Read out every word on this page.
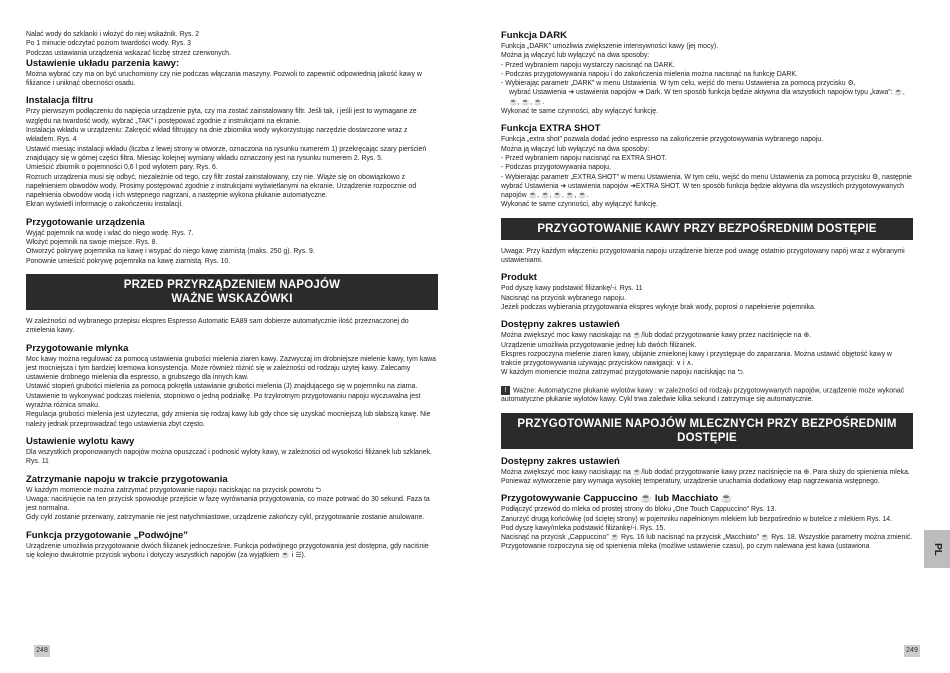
Nalać wody do szklanki i włożyć do niej wskaźnik. Rys. 2

Po 1 minucie odczytać poziom twardości wody. Rys. 3

Podczas ustawiania urządzenia wskazać liczbę strzeż czerwonych.

Ustawienie układu parzenia kawy:

Można wybrać czy ma on być uruchomiony czy nie podczas włączania maszyny. Pozwoli to zapewnić odpowiednią jakość kawy w filiżance i uniknąć obecności osadu.

Instalacja filtru

Przy pierwszym podłączeniu do napięcia urządzenie pyta, czy ma zostać zainstalowany filtr. Jeśli tak, i jeśli jest to wymagane ze względu na twardość wody, wybrać „TAK” i postępować zgodnie z instrukcjami na ekranie.

Instalacja wkładu w urządzeniu: Zakręcić wkład filtrujący na dnie zbiornika wody wykorzystując narzędzie dostarczone wraz z wkładem. Rys. 4

Ustawić miesiąc instalacji wkładu (liczba z lewej strony w otworze, oznaczona na rysunku numerem 1) przekręcając szary pierścień znajdujący się w górnej części filtra. Miesiąc kolejnej wymiany wkładu oznaczony jest na rysunku numerem 2. Rys. 5.

Umieścić zbiornik o pojemności 0,6 l pod wylotem pary. Rys. 6.

Rozruch urządzenia musi się odbyć, niezależnie od tego, czy filtr został zainstalowany, czy nie. Wiąże się on obowiązkowo z napełnieniem obwodów wody. Prosimy postępować zgodnie z instrukcjami wyświetlanymi na ekranie. Urządzenie rozpocznie od napełnienia obwodów wodą i ich wstępnego nagrzani, a następnie wykona płukanie automatyczne.

Ekran wyświetli informację o zakończeniu instalacji.

Przygotowanie urządzenia

Wyjąć pojemnik na wodę i wlać do niego wodę. Rys. 7.

Włożyć pojemnik na swoje miejsce. Rys. 8.

Otworzyć pokrywę pojemnika na kawę i wsypać do niego kawę ziarnistą (maks. 250 g). Rys. 9.

Ponownie umieścić pokrywę pojemnika na kawę ziarnistą. Rys. 10.

PRZED PRZYRZĄDZENIEM NAPOJÓW
WAŻNE WSKAZÓWKI

W zależności od wybranego przepisu ekspres Espresso Automatic EA89 sam dobierze automatycznie ilość przeznaczonej do zmielenia kawy.

Przygotowanie młynka

Moc kawy można regulować za pomocą ustawienia grubości mielenia ziaren kawy. Zazwyczaj im drobniejsze mielenie kawy, tym kawa jest mocniejsza i tym bardziej kremowa konsystencja. Może również różnić się w zależności od rodzaju użytej kawy. Zalecamy ustawienie drobnego mielenia dla espresso, a grubszego dla innych kaw.

Ustawić stopień grubości mielenia za pomocą pokrętła ustawianie grubości mielenia (J) znajdującego się w pojemniku na ziarna. Ustawienie to wykonywać podczas mielenia, stopniowo o jedną podziałkę. Po trzykrotnym przygotowaniu napoju wyczuwalna jest wyraźna różnica smaku.

Regulacja grubości mielenia jest użyteczna, gdy zmienia się rodzaj kawy lub gdy chce się uzyskać mocniejszą lub słabszą kawę. Nie należy jednak przeprowadzać tego ustawienia zbyt często.

Ustawienie wylotu kawy

Dla wszystkich proponowanych napojów można opuszczać i podnosić wyloty kawy, w zależności od wysokości filiżanek lub szklanek. Rys. 11

Zatrzymanie napoju w trakcie przygotowania

W każdym momencie można zatrzymać przygotowanie napoju naciskając na przycisk powrotu ⮌

Uwaga: naciśnięcie na ten przycisk spowoduje przejście w fazę wyrównania przygotowania, co może potrwać do 30 sekund. Faza ta jest normalna.

Gdy cykl zostanie przerwany, zatrzymanie nie jest natychmiastowe, urządzenie zakończy cykl, przygotowanie zostanie anulowane.

Funkcja przygotowanie „Podwójne”

Urządzenie umożliwia przygotowanie dwóch filiżanek jednocześnie. Funkcja podwójnego przygotowania jest dostępna, gdy naciśnie się kolejno dwukrotnie przycisk wyboru i dotyczy wszystkich napojów (za wyjątkiem ☕ i ☰).

248
Funkcja DARK

Funkcja „DARK” umożliwia zwiększenie intensywności kawy (jej mocy).

Można ją włączyć lub wyłączyć na dwa sposoby:

- Przed wybraniem napoju wystarczy nacisnąć na DARK.

- Podczas przygotowywania napoju i do zakończenia mielenia można nacisnąć na funkcję DARK.

- Wybierając parametr „DARK” w menu Ustawienia. W tym celu, wejść do menu Ustawienia za pomocą przycisku ⚙,

wybrać Ustawienia ➜ ustawienia napojów ➜ Dark. W ten sposób funkcja będzie aktywna dla wszystkich napojów typu „kawa”: ☕, ☕, ☕, ☕.

Wykonać te same czynności, aby wyłączyć funkcję.

Funkcja EXTRA SHOT

Funkcja „extra shot” pozwala dodać jedno espresso na zakończenie przygotowywania wybranego napoju.

Można ją włączyć lub wyłączyć na dwa sposoby:

- Przed wybraniem napoju nacisnąć na EXTRA SHOT.

- Podczas przygotowywania napoju,

- Wybierając parametr „EXTRA SHOT” w menu Ustawienia. W tym celu, wejść do menu Ustawienia za pomocą przycisku ⚙, następnie wybrać Ustawienia ➜ ustawienia napojów ➜EXTRA SHOT. W ten sposób funkcja będzie aktywna dla wszystkich przygotowywanych napojów ☕, ☕, ☕, ☕, ☕.

Wykonać te same czynności, aby wyłączyć funkcję.

PRZYGOTOWANIE KAWY PRZY BEZPOŚREDNIM DOSTĘPIE

Uwaga: Przy każdym włączeniu przygotowania napoju urządzenie bierze pod uwagę ostatnio przygotowany napój wraz z wybranymi ustawieniami.

Produkt

Pod dyszę kawy podstawić filiżankę/-i. Rys. 11

Nacisnąć na przycisk wybranego napoju.

Jeżeli podczas wybierania przygotowania ekspres wykryje brak wody, poprosi o napełnienie pojemnika.

Dostępny zakres ustawień

Można zwiększyć moc kawy naciskając na ☕/lub dodać przygotowanie kawy przez naciśnięcie na ⊕.

Urządzenie umożliwia przygotowanie jednej lub dwóch filiżanek.

Ekspres rozpoczyna mielenie ziaren kawy, ubijanie zmielonej kawy i przystępuje do zaparzania. Można ustawić objętość kawy w trakcie przygotowywania używając przycisków nawigacji: ∨ i ∧.

W każdym momencie można zatrzymać przygotowanie napoju naciskając na ⮌.

! Ważne: Automatyczne płukanie wylotów kawy : w zależności od rodzaju przygotowywanych napojów, urządzenie może wykonać automatyczne płukanie wylotów kawy. Cykl trwa zaledwie kilka sekund i zatrzymuje się automatycznie.

PRZYGOTOWANIE NAPOJÓW MLECZNYCH PRZY BEZPOŚREDNIM DOSTĘPIE
Dostępny zakres ustawień

Można zwiększyć moc kawy naciskając na ☕/lub dodać przygotowanie kawy przez naciśnięcie na ⊕. Para służy do spienienia mleka. Ponieważ wytworzenie pary wymaga wysokiej temperatury, urządzenie uruchamia dodatkowy etap nagrzewania wstępnego.

Przygotowywanie Cappuccino ☕ lub Macchiato ☕

Podłączyć przewód do mleka od prostej strony do bloku „One Touch Cappuccino” Rys. 13.

Zanurzyć drugą końcówkę (od ściętej strony) w pojemniku napełnionym mlekiem lub bezpośrednio w butelce z mlekiem Rys. 14.

Pod dyszę kawy/mleka podstawić filiżankę/-i. Rys. 15.

Nacisnąć na przycisk „Cappuccino” ☕ Rys. 16 lub nacisnąć na przycisk „Macchiato” ☕ Rys. 18. Wszystkie parametry można zmienić.

Przygotowanie rozpoczyna się od spienienia mleka (możliwe ustawienie czasu), po czym nalewana jest kawa (ustawiona	PL
249
